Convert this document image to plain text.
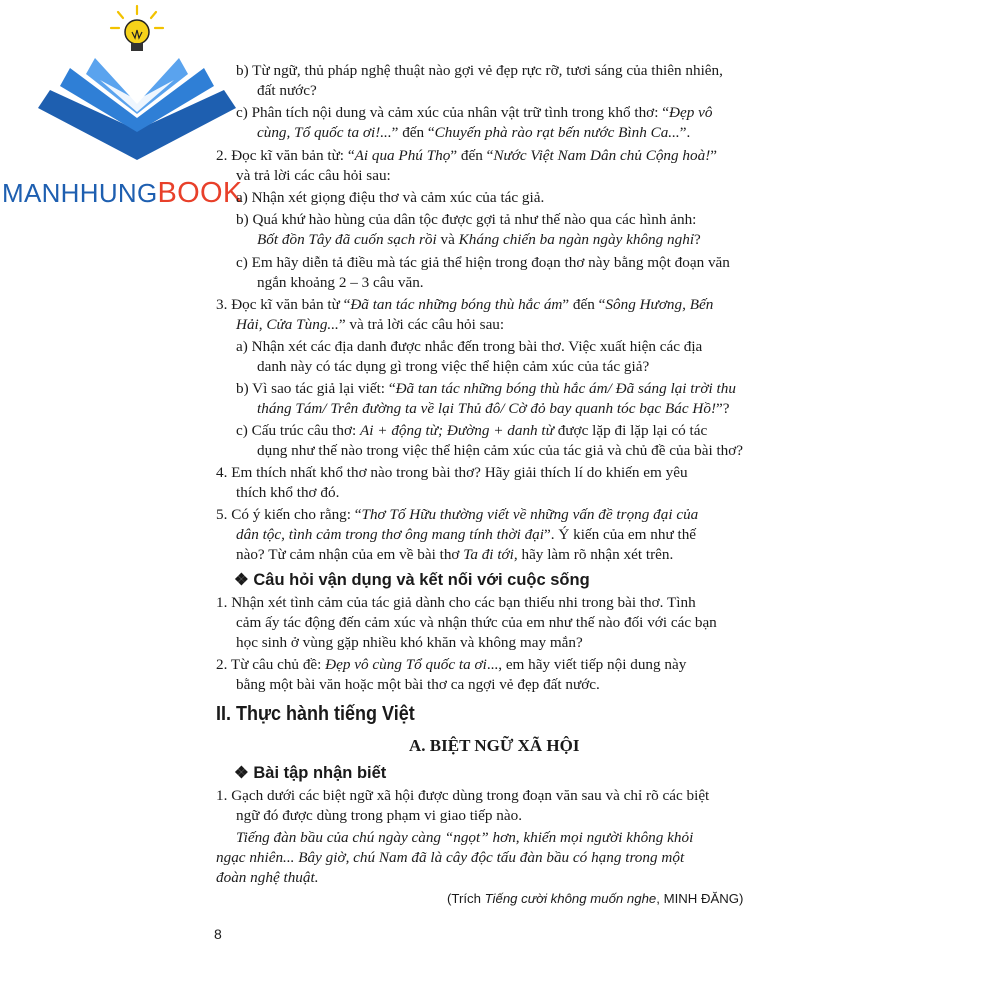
MANHHUNGBOOK
b) Từ ngữ, thủ pháp nghệ thuật nào gợi vẻ đẹp rực rỡ, tươi sáng của thiên nhiên,
đất nước?
c) Phân tích nội dung và cảm xúc của nhân vật trữ tình trong khổ thơ: “Đẹp vô
cùng, Tổ quốc ta ơi!...” đến “Chuyến phà rào rạt bến nước Bình Ca...”.
2. Đọc kĩ văn bản từ: “Ai qua Phú Thọ” đến “Nước Việt Nam Dân chủ Cộng hoà!”
và trả lời các câu hỏi sau:
a) Nhận xét giọng điệu thơ và cảm xúc của tác giả.
b) Quá khứ hào hùng của dân tộc được gợi tả như thế nào qua các hình ảnh:
Bốt đồn Tây đã cuốn sạch rồi và Kháng chiến ba ngàn ngày không nghỉ?
c) Em hãy diễn tả điều mà tác giả thể hiện trong đoạn thơ này bằng một đoạn văn
ngắn khoảng 2 – 3 câu văn.
3. Đọc kĩ văn bản từ “Đã tan tác những bóng thù hắc ám” đến “Sông Hương, Bến
Hải, Cửa Tùng...” và trả lời các câu hỏi sau:
a) Nhận xét các địa danh được nhắc đến trong bài thơ. Việc xuất hiện các địa
danh này có tác dụng gì trong việc thể hiện cảm xúc của tác giả?
b) Vì sao tác giả lại viết: “Đã tan tác những bóng thù hắc ám/ Đã sáng lại trời thu
tháng Tám/ Trên đường ta về lại Thủ đô/ Cờ đỏ bay quanh tóc bạc Bác Hồ!”?
c) Cấu trúc câu thơ: Ai + động từ; Đường + danh từ được lặp đi lặp lại có tác
dụng như thế nào trong việc thể hiện cảm xúc của tác giả và chủ đề của bài thơ?
4. Em thích nhất khổ thơ nào trong bài thơ? Hãy giải thích lí do khiến em yêu
thích khổ thơ đó.
5. Có ý kiến cho rằng: “Thơ Tố Hữu thường viết về những vấn đề trọng đại của
dân tộc, tình cảm trong thơ ông mang tính thời đại”. Ý kiến của em như thế
nào? Từ cảm nhận của em về bài thơ Ta đi tới, hãy làm rõ nhận xét trên.
1. Nhận xét tình cảm của tác giả dành cho các bạn thiếu nhi trong bài thơ. Tình
cảm ấy tác động đến cảm xúc và nhận thức của em như thế nào đối với các bạn
học sinh ở vùng gặp nhiều khó khăn và không may mắn?
2. Từ câu chủ đề: Đẹp vô cùng Tổ quốc ta ơi..., em hãy viết tiếp nội dung này
bằng một bài văn hoặc một bài thơ ca ngợi vẻ đẹp đất nước.
1. Gạch dưới các biệt ngữ xã hội được dùng trong đoạn văn sau và chỉ rõ các biệt
ngữ đó được dùng trong phạm vi giao tiếp nào.
Tiếng đàn bầu của chú ngày càng “ngọt” hơn, khiến mọi người không khỏi
ngạc nhiên... Bây giờ, chú Nam đã là cây độc tấu đàn bầu có hạng trong một
đoàn nghệ thuật.
❖ Câu hỏi vận dụng và kết nối với cuộc sống
❖ Bài tập nhận biết
II. Thực hành tiếng Việt
A. BIỆT NGỮ XÃ HỘI
(Trích Tiếng cười không muốn nghe, MINH ĐĂNG)
8
